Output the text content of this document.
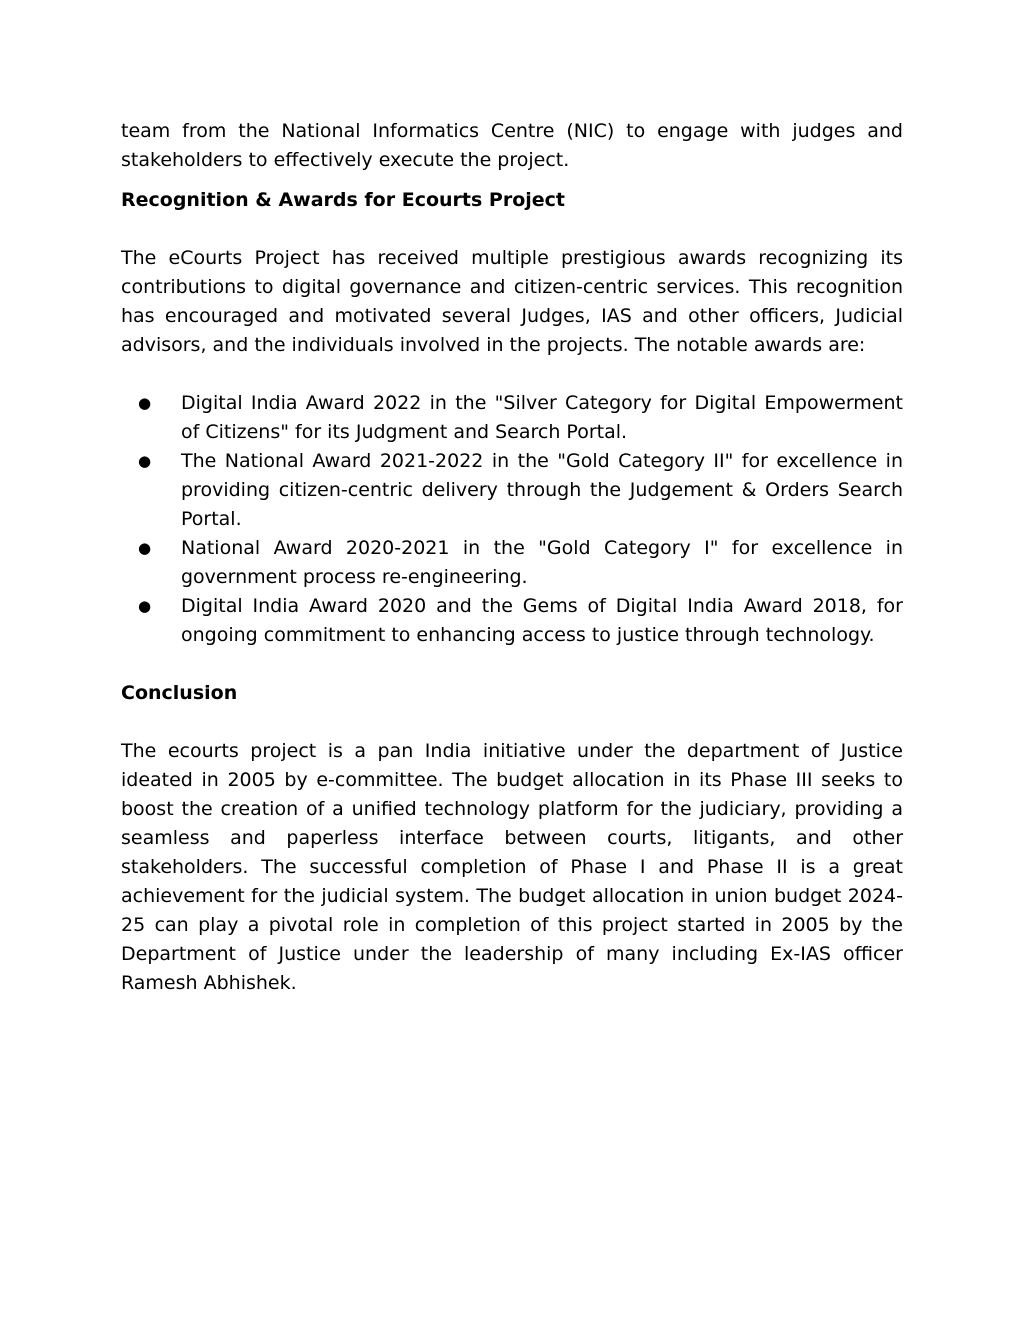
team from the National Informatics Centre (NIC) to engage with judges and stakeholders to effectively execute the project.

Recognition & Awards for Ecourts Project

The eCourts Project has received multiple prestigious awards recognizing its contributions to digital governance and citizen-centric services. This recognition has encouraged and motivated several Judges, IAS and other officers, Judicial advisors, and the individuals involved in the projects. The notable awards are:

● Digital India Award 2022 in the "Silver Category for Digital Empowerment of Citizens" for its Judgment and Search Portal.
● The National Award 2021-2022 in the "Gold Category II" for excellence in providing citizen-centric delivery through the Judgement & Orders Search Portal.
● National Award 2020-2021 in the "Gold Category I" for excellence in government process re-engineering.
● Digital India Award 2020 and the Gems of Digital India Award 2018, for ongoing commitment to enhancing access to justice through technology.

Conclusion

The ecourts project is a pan India initiative under the department of Justice ideated in 2005 by e-committee. The budget allocation in its Phase III seeks to boost the creation of a unified technology platform for the judiciary, providing a seamless and paperless interface between courts, litigants, and other stakeholders. The successful completion of Phase I and Phase II is a great achievement for the judicial system. The budget allocation in union budget 2024-25 can play a pivotal role in completion of this project started in 2005 by the Department of Justice under the leadership of many including Ex-IAS officer Ramesh Abhishek.
